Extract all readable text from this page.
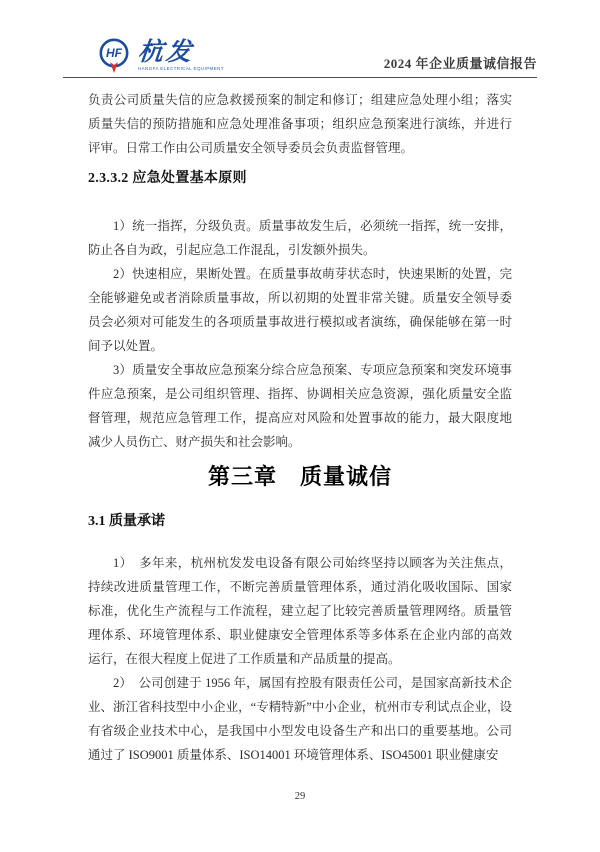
HF 杭发
HANGFA ELECTRICAL EQUIPMENT	2024 年企业质量诚信报告

负责公司质量失信的应急救援预案的制定和修订；组建应急处理小组；落实质量失信的预防措施和应急处理准备事项；组织应急预案进行演练，并进行评审。日常工作由公司质量安全领导委员会负责监督管理。

2.3.3.2 应急处置基本原则

1）统一指挥，分级负责。质量事故发生后，必须统一指挥，统一安排，防止各自为政，引起应急工作混乱，引发额外损失。

2）快速相应，果断处置。在质量事故萌芽状态时，快速果断的处置，完全能够避免或者消除质量事故，所以初期的处置非常关键。质量安全领导委员会必须对可能发生的各项质量事故进行模拟或者演练，确保能够在第一时间予以处置。

3）质量安全事故应急预案分综合应急预案、专项应急预案和突发环境事件应急预案，是公司组织管理、指挥、协调相关应急资源，强化质量安全监督管理，规范应急管理工作，提高应对风险和处置事故的能力，最大限度地减少人员伤亡、财产损失和社会影响。

第三章　质量诚信
3.1 质量承诺

1）　多年来，杭州杭发发电设备有限公司始终坚持以顾客为关注焦点，持续改进质量管理工作，不断完善质量管理体系，通过消化吸收国际、国家标准，优化生产流程与工作流程，建立起了比较完善质量管理网络。质量管理体系、环境管理体系、职业健康安全管理体系等多体系在企业内部的高效运行，在很大程度上促进了工作质量和产品质量的提高。

2）　公司创建于 1956 年，属国有控股有限责任公司，是国家高新技术企业、浙江省科技型中小企业，“专精特新”中小企业，杭州市专利试点企业，设有省级企业技术中心，是我国中小型发电设备生产和出口的重要基地。公司通过了 ISO9001 质量体系、ISO14001 环境管理体系、ISO45001 职业健康安

29
